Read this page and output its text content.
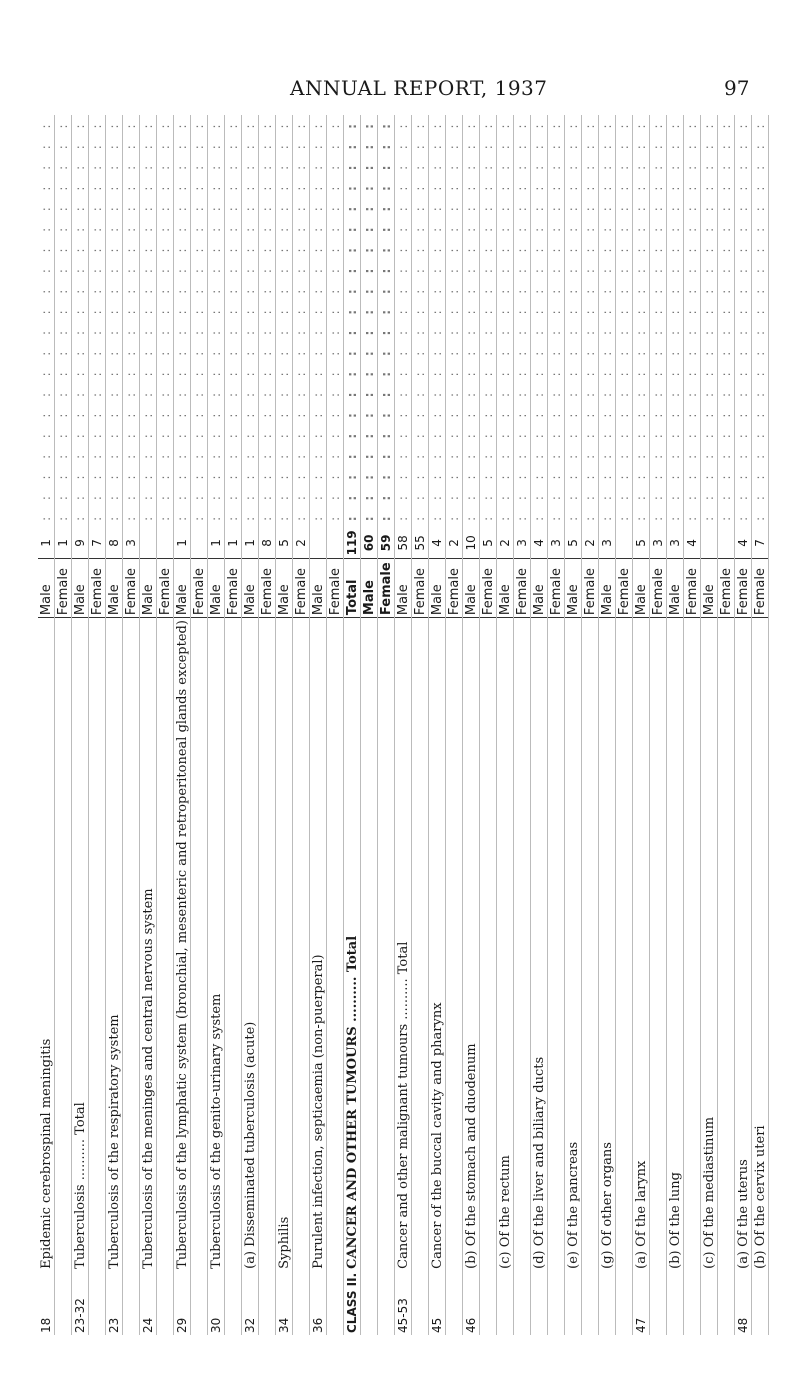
ANNUAL REPORT, 1937	97
18	Epidemic cerebrospinal meningitis	Male	1	:	:	:	:	:	:	:	:	:	:	:	:	:	:	:	:	:	:	:	:
		Female	1	:	:	:	:	:	:	:	:	:	:	:	:	:	:	:	:	:	:	:	:
23-32	Tuberculosis .......... Total	Male	9	:	:	:	:	:	:	:	:	:	:	:	:	:	:	:	:	:	:	:	:
		Female	7	:	:	:	:	:	:	:	:	:	:	:	:	:	:	:	:	:	:	:	:
23	Tuberculosis of the respiratory system	Male	8	:	:	:	:	:	:	:	:	:	:	:	:	:	:	:	:	:	:	:	:
		Female	3	:	:	:	:	:	:	:	:	:	:	:	:	:	:	:	:	:	:	:	:
24	Tuberculosis of the meninges and central nervous system	Male		:	:	:	:	:	:	:	:	:	:	:	:	:	:	:	:	:	:	:	:
		Female		:	:	:	:	:	:	:	:	:	:	:	:	:	:	:	:	:	:	:	:
29	Tuberculosis of the lymphatic system (bronchial, mesenteric and retroperitoneal glands excepted)	Male	1	:	:	:	:	:	:	:	:	:	:	:	:	:	:	:	:	:	:	:	:
		Female		:	:	:	:	:	:	:	:	:	:	:	:	:	:	:	:	:	:	:	:
30	Tuberculosis of the genito-urinary system	Male	1	:	:	:	:	:	:	:	:	:	:	:	:	:	:	:	:	:	:	:	:
		Female	1	:	:	:	:	:	:	:	:	:	:	:	:	:	:	:	:	:	:	:	:
32	(a) Disseminated tuberculosis (acute)	Male	1	:	:	:	:	:	:	:	:	:	:	:	:	:	:	:	:	:	:	:	:
		Female	8	:	:	:	:	:	:	:	:	:	:	:	:	:	:	:	:	:	:	:	:
34	Syphilis	Male	5	:	:	:	:	:	:	:	:	:	:	:	:	:	:	:	:	:	:	:	:
		Female	2	:	:	:	:	:	:	:	:	:	:	:	:	:	:	:	:	:	:	:	:
36	Purulent infection, septicaemia (non-puerperal)	Male		:	:	:	:	:	:	:	:	:	:	:	:	:	:	:	:	:	:	:	:
		Female		:	:	:	:	:	:	:	:	:	:	:	:	:	:	:	:	:	:	:	:
CLASS II.	CANCER AND OTHER TUMOURS .......... Total	Total	119	:	:	:	:	:	:	:	:	:	:	:	:	:	:	:	:	:	:	:	:
		Male	60	:	:	:	:	:	:	:	:	:	:	:	:	:	:	:	:	:	:	:	:
		Female	59	:	:	:	:	:	:	:	:	:	:	:	:	:	:	:	:	:	:	:	:
45-53	Cancer and other malignant tumours .......... Total	Male	58	:	:	:	:	:	:	:	:	:	:	:	:	:	:	:	:	:	:	:	:
		Female	55	:	:	:	:	:	:	:	:	:	:	:	:	:	:	:	:	:	:	:	:
45	Cancer of the buccal cavity and pharynx	Male	4	:	:	:	:	:	:	:	:	:	:	:	:	:	:	:	:	:	:	:	:
		Female	2	:	:	:	:	:	:	:	:	:	:	:	:	:	:	:	:	:	:	:	:
46	(b) Of the stomach and duodenum	Male	10	:	:	:	:	:	:	:	:	:	:	:	:	:	:	:	:	:	:	:	:
		Female	5	:	:	:	:	:	:	:	:	:	:	:	:	:	:	:	:	:	:	:	:
	(c) Of the rectum	Male	2	:	:	:	:	:	:	:	:	:	:	:	:	:	:	:	:	:	:	:	:
		Female	3	:	:	:	:	:	:	:	:	:	:	:	:	:	:	:	:	:	:	:	:
	(d) Of the liver and biliary ducts	Male	4	:	:	:	:	:	:	:	:	:	:	:	:	:	:	:	:	:	:	:	:
		Female	3	:	:	:	:	:	:	:	:	:	:	:	:	:	:	:	:	:	:	:	:
	(e) Of the pancreas	Male	5	:	:	:	:	:	:	:	:	:	:	:	:	:	:	:	:	:	:	:	:
		Female	2	:	:	:	:	:	:	:	:	:	:	:	:	:	:	:	:	:	:	:	:
	(g) Of other organs	Male	3	:	:	:	:	:	:	:	:	:	:	:	:	:	:	:	:	:	:	:	:
		Female		:	:	:	:	:	:	:	:	:	:	:	:	:	:	:	:	:	:	:	:
47	(a) Of the larynx	Male	5	:	:	:	:	:	:	:	:	:	:	:	:	:	:	:	:	:	:	:	:
		Female	3	:	:	:	:	:	:	:	:	:	:	:	:	:	:	:	:	:	:	:	:
	(b) Of the lung	Male	3	:	:	:	:	:	:	:	:	:	:	:	:	:	:	:	:	:	:	:	:
		Female	4	:	:	:	:	:	:	:	:	:	:	:	:	:	:	:	:	:	:	:	:
	(c) Of the mediastinum	Male		:	:	:	:	:	:	:	:	:	:	:	:	:	:	:	:	:	:	:	:
		Female		:	:	:	:	:	:	:	:	:	:	:	:	:	:	:	:	:	:	:	:
48	(a) Of the uterus	Female	4	:	:	:	:	:	:	:	:	:	:	:	:	:	:	:	:	:	:	:	:
	(b) Of the cervix uteri	Female	7	:	:	:	:	:	:	:	:	:	:	:	:	:	:	:	:	:	:	:	:
